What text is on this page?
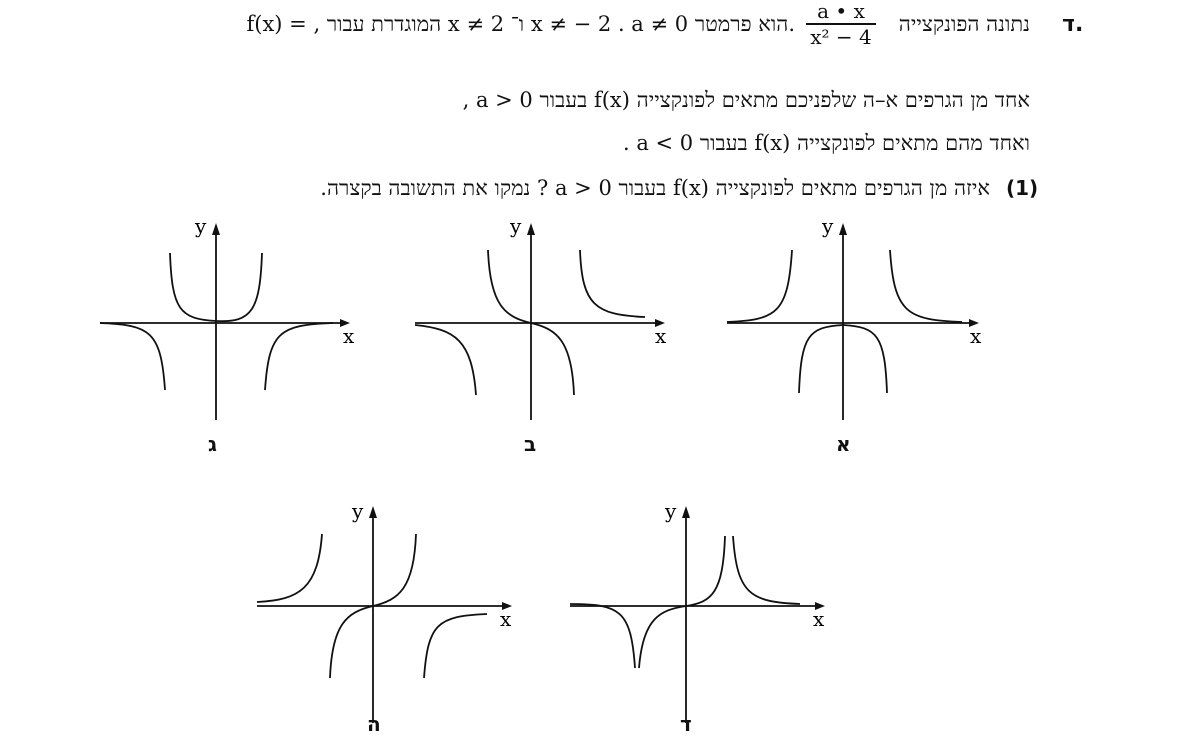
ד.
נתונה הפונקצייה
a • x
x² − 4
f(x) = , המוגדרת עבור x ≠ 2 ו־ x ≠ − 2 . a ≠ 0 הוא פרמטר.
אחד מן הגרפים א–ה שלפניכם מתאים לפונקצייה f(x) בעבור a > 0 ,
ואחד מהם מתאים לפונקצייה f(x) בעבור a < 0 .
(1)
איזה מן הגרפים מתאים לפונקצייה f(x) בעבור a > 0 ? נמקו את התשובה בקצרה.
x
y
ג
x
y
ב
x
y
א
x
y
ה
x
y
ד
